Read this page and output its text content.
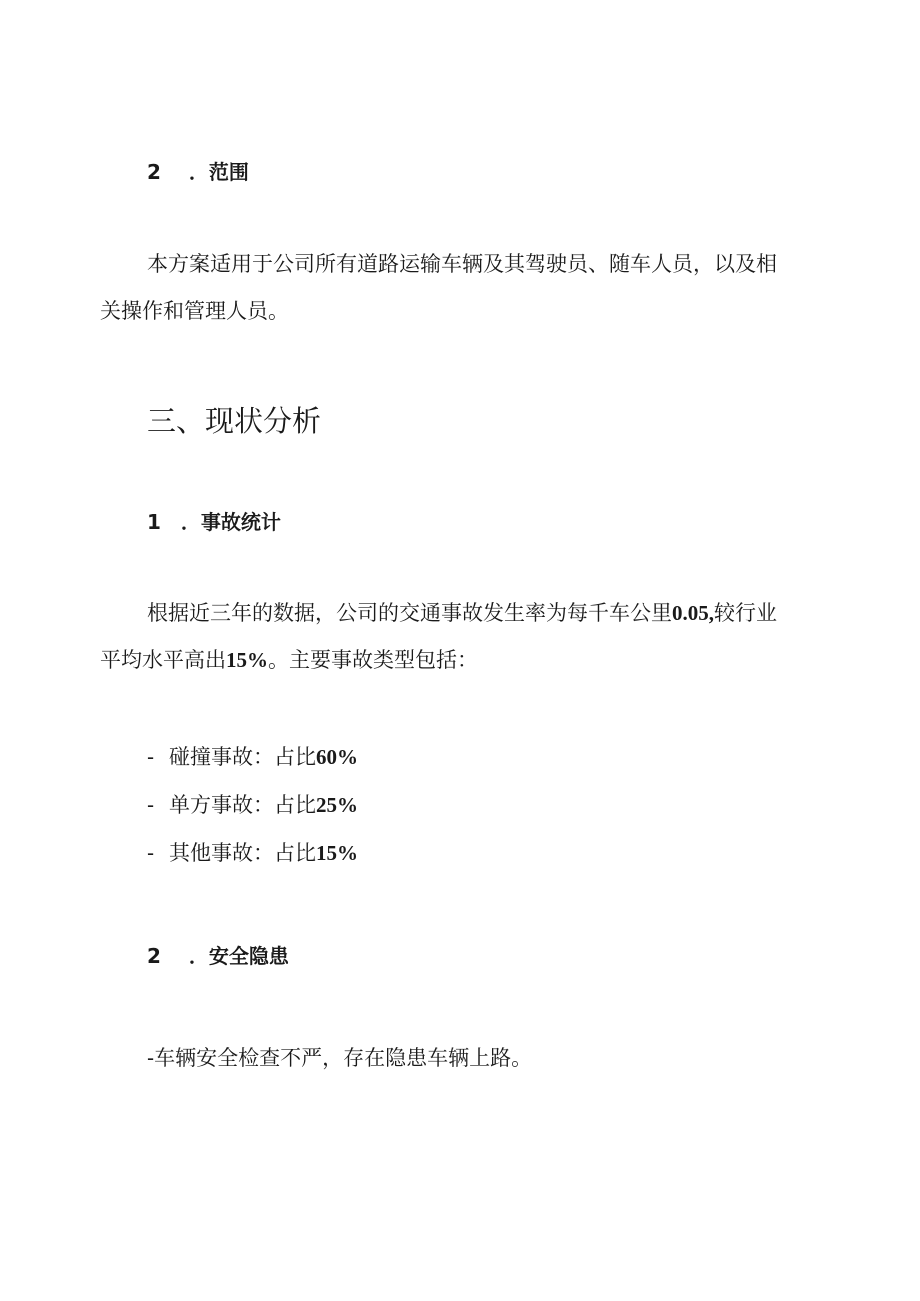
2 ．范围
本方案适用于公司所有道路运输车辆及其驾驶员、随车人员，以及相
关操作和管理人员。
三、现状分析
1 ．事故统计
根据近三年的数据，公司的交通事故发生率为每千车公里0.05,较行业
平均水平高出15%。主要事故类型包括：
- 碰撞事故：占比60%
- 单方事故：占比25%
- 其他事故：占比15%
2 ．安全隐患
-车辆安全检查不严，存在隐患车辆上路。
